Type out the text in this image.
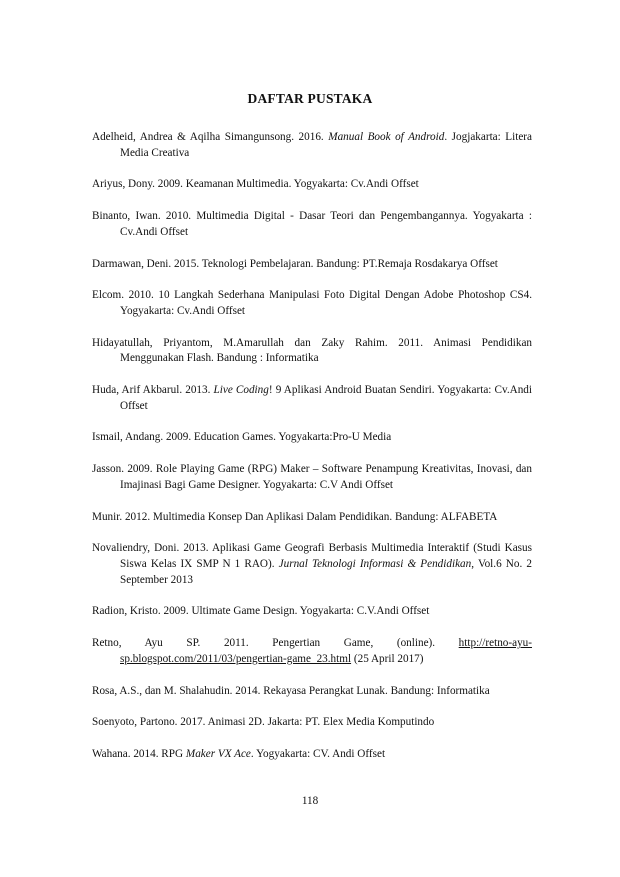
DAFTAR PUSTAKA

Adelheid, Andrea & Aqilha Simangunsong. 2016. Manual Book of Android. Jogjakarta: Litera Media Creativa

Ariyus, Dony. 2009. Keamanan Multimedia. Yogyakarta: Cv.Andi Offset

Binanto, Iwan. 2010. Multimedia Digital - Dasar Teori dan Pengembangannya. Yogyakarta : Cv.Andi Offset

Darmawan, Deni. 2015. Teknologi Pembelajaran. Bandung: PT.Remaja Rosdakarya Offset

Elcom. 2010. 10 Langkah Sederhana Manipulasi Foto Digital Dengan Adobe Photoshop CS4. Yogyakarta: Cv.Andi Offset

Hidayatullah, Priyantom, M.Amarullah dan Zaky Rahim. 2011. Animasi Pendidikan Menggunakan Flash. Bandung : Informatika

Huda, Arif Akbarul. 2013. Live Coding! 9 Aplikasi Android Buatan Sendiri. Yogyakarta: Cv.Andi Offset

Ismail, Andang. 2009. Education Games. Yogyakarta:Pro-U Media

Jasson. 2009. Role Playing Game (RPG) Maker – Software Penampung Kreativitas, Inovasi, dan Imajinasi Bagi Game Designer. Yogyakarta: C.V Andi Offset

Munir. 2012. Multimedia Konsep Dan Aplikasi Dalam Pendidikan. Bandung: ALFABETA

Novaliendry, Doni. 2013. Aplikasi Game Geografi Berbasis Multimedia Interaktif (Studi Kasus Siswa Kelas IX SMP N 1 RAO). Jurnal Teknologi Informasi & Pendidikan, Vol.6 No. 2 September 2013

Radion, Kristo. 2009. Ultimate Game Design. Yogyakarta: C.V.Andi Offset

Retno, Ayu SP. 2011. Pengertian Game, (online). http://retno-ayu-sp.blogspot.com/2011/03/pengertian-game_23.html (25 April 2017)

Rosa, A.S., dan M. Shalahudin. 2014. Rekayasa Perangkat Lunak. Bandung: Informatika

Soenyoto, Partono. 2017. Animasi 2D. Jakarta: PT. Elex Media Komputindo

Wahana. 2014. RPG Maker VX Ace. Yogyakarta: CV. Andi Offset

118
